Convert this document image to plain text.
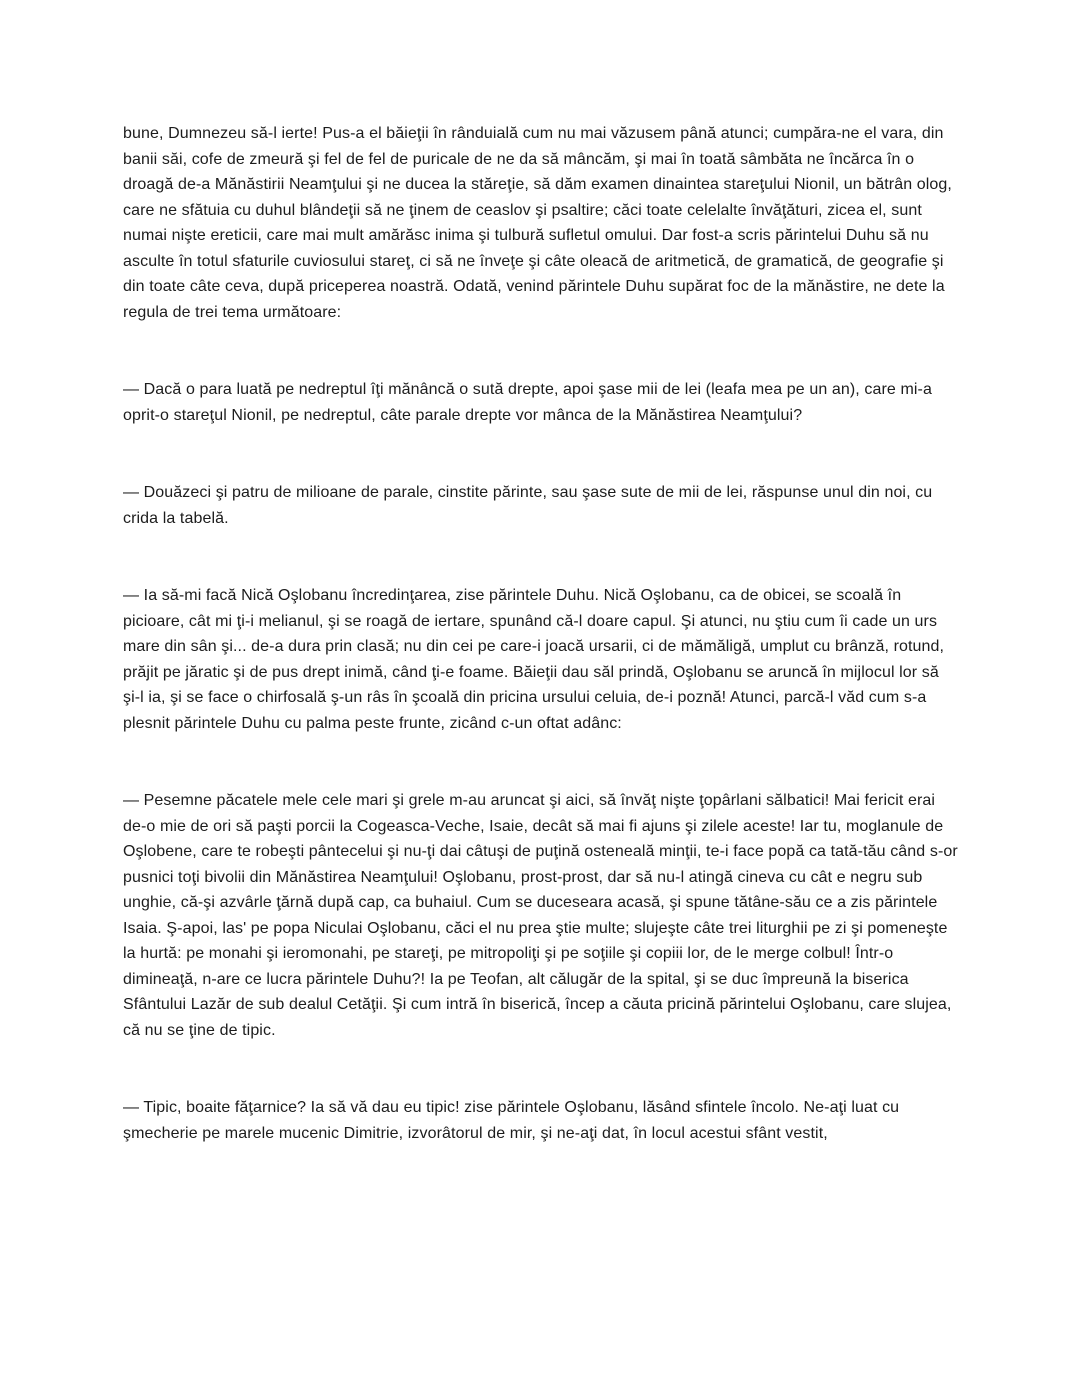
bune, Dumnezeu să-l ierte! Pus-a el băieţii în rânduială cum nu mai văzusem până atunci; cumpăra-ne el vara, din banii săi, cofe de zmeură şi fel de fel de puricale de ne da să mâncăm, şi mai în toată sâmbăta ne încărca în o droagă de-a Mănăstirii Neamţului şi ne ducea la stăreţie, să dăm examen dinaintea stareţului Nionil, un bătrân olog, care ne sfătuia cu duhul blândeţii să ne ţinem de ceaslov şi psaltire; căci toate celelalte învăţături, zicea el, sunt numai nişte ereticii, care mai mult amărăsc inima şi tulbură sufletul omului. Dar fost-a scris părintelui Duhu să nu asculte în totul sfaturile cuviosului stareţ, ci să ne înveţe şi câte oleacă de aritmetică, de gramatică, de geografie şi din toate câte ceva, după priceperea noastră. Odată, venind părintele Duhu supărat foc de la mănăstire, ne dete la regula de trei tema următoare:

— Dacă o para luată pe nedreptul îţi mănâncă o sută drepte, apoi şase mii de lei (leafa mea pe un an), care mi-a oprit-o stareţul Nionil, pe nedreptul, câte parale drepte vor mânca de la Mănăstirea Neamţului?

— Douăzeci şi patru de milioane de parale, cinstite părinte, sau şase sute de mii de lei, răspunse unul din noi, cu crida la tabelă.

— Ia să-mi facă Nică Oşlobanu încredinţarea, zise părintele Duhu. Nică Oşlobanu, ca de obicei, se scoală în picioare, cât mi ţi-i melianul, şi se roagă de iertare, spunând că-l doare capul. Şi atunci, nu ştiu cum îi cade un urs mare din sân şi... de-a dura prin clasă; nu din cei pe care-i joacă ursarii, ci de mămăligă, umplut cu brânză, rotund, prăjit pe jăratic şi de pus drept inimă, când ţi-e foame. Băieţii dau săl prindă, Oşlobanu se aruncă în mijlocul lor să şi-l ia, şi se face o chirfosală ş-un râs în şcoală din pricina ursului celuia, de-i poznă! Atunci, parcă-l văd cum s-a plesnit părintele Duhu cu palma peste frunte, zicând c-un oftat adânc:

— Pesemne păcatele mele cele mari şi grele m-au aruncat şi aici, să învăţ nişte ţopârlani sălbatici! Mai fericit erai de-o mie de ori să paşti porcii la Cogeasca-Veche, Isaie, decât să mai fi ajuns şi zilele aceste! Iar tu, moglanule de Oşlobene, care te robeşti pântecelui şi nu-ţi dai câtuşi de puţină osteneală minţii, te-i face popă ca tată-tău când s-or pusnici toţi bivolii din Mănăstirea Neamţului! Oşlobanu, prost-prost, dar să nu-l atingă cineva cu cât e negru sub unghie, că-şi azvârle ţărnă după cap, ca buhaiul. Cum se duceseara acasă, şi spune tătâne-său ce a zis părintele Isaia. Ş-apoi, las' pe popa Niculai Oşlobanu, căci el nu prea ştie multe; slujeşte câte trei liturghii pe zi şi pomeneşte la hurtă: pe monahi şi ieromonahi, pe stareţi, pe mitropoliţi şi pe soţiile şi copiii lor, de le merge colbul! Într-o dimineaţă, n-are ce lucra părintele Duhu?! Ia pe Teofan, alt călugăr de la spital, şi se duc împreună la biserica Sfântului Lazăr de sub dealul Cetăţii. Şi cum intră în biserică, încep a căuta pricină părintelui Oşlobanu, care slujea, că nu se ţine de tipic.

— Tipic, boaite făţarnice? Ia să vă dau eu tipic! zise părintele Oşlobanu, lăsând sfintele încolo. Ne-aţi luat cu şmecherie pe marele mucenic Dimitrie, izvorâtorul de mir, şi ne-aţi dat, în locul acestui sfânt vestit,
